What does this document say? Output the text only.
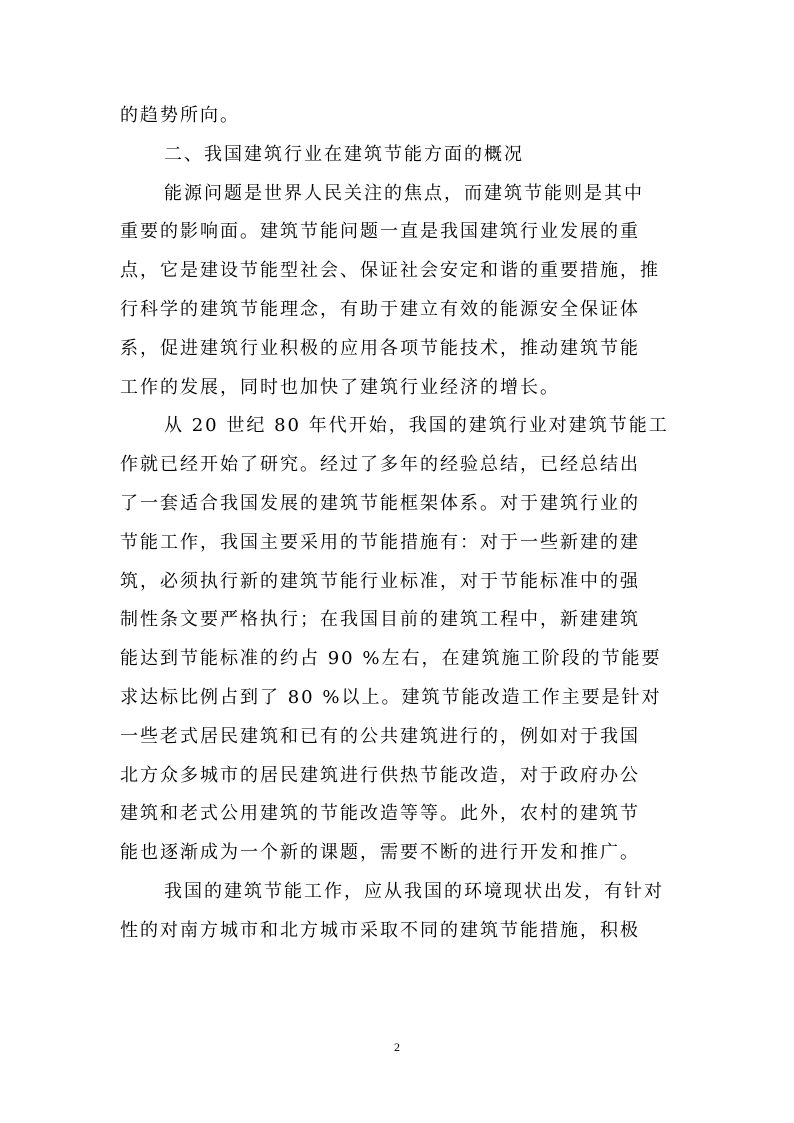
的趋势所向。
二、我国建筑行业在建筑节能方面的概况
能源问题是世界人民关注的焦点，而建筑节能则是其中
重要的影响面。建筑节能问题一直是我国建筑行业发展的重
点，它是建设节能型社会、保证社会安定和谐的重要措施，推
行科学的建筑节能理念，有助于建立有效的能源安全保证体
系，促进建筑行业积极的应用各项节能技术，推动建筑节能
工作的发展，同时也加快了建筑行业经济的增长。
从 20 世纪 80 年代开始，我国的建筑行业对建筑节能工
作就已经开始了研究。经过了多年的经验总结，已经总结出
了一套适合我国发展的建筑节能框架体系。对于建筑行业的
节能工作，我国主要采用的节能措施有：对于一些新建的建
筑，必须执行新的建筑节能行业标准，对于节能标准中的强
制性条文要严格执行；在我国目前的建筑工程中，新建建筑
能达到节能标准的约占 90 %左右，在建筑施工阶段的节能要
求达标比例占到了 80 %以上。建筑节能改造工作主要是针对
一些老式居民建筑和已有的公共建筑进行的，例如对于我国
北方众多城市的居民建筑进行供热节能改造，对于政府办公
建筑和老式公用建筑的节能改造等等。此外，农村的建筑节
能也逐渐成为一个新的课题，需要不断的进行开发和推广。
我国的建筑节能工作，应从我国的环境现状出发，有针对
性的对南方城市和北方城市采取不同的建筑节能措施，积极
2
